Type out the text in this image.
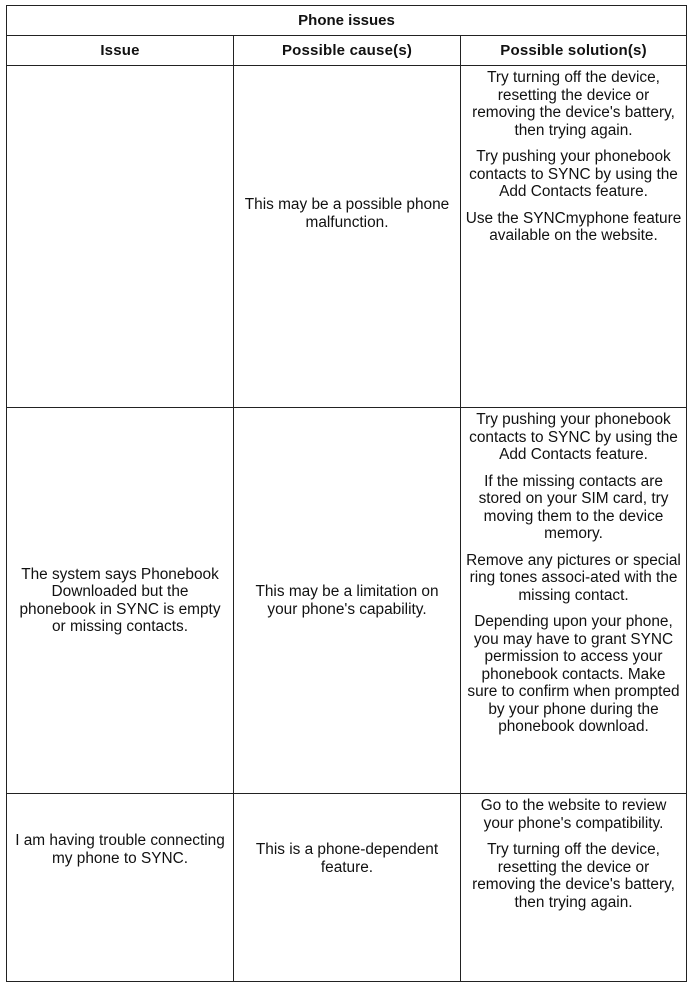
Phone issues		
Issue	Possible cause(s)	Possible solution(s)
	This may be a possible phone malfunction.	Try turning off the device, resetting the device or removing the device's battery, then trying again.
Try pushing your phonebook contacts to SYNC by using the Add Contacts feature.
Use the SYNCmyphone feature available on the website.

The system says Phonebook Downloaded but the phonebook in SYNC is empty or missing contacts.	This may be a limitation on your phone's capability.	Try pushing your phonebook contacts to SYNC by using the Add Contacts feature.
If the missing contacts are stored on your SIM card, try moving them to the device memory.
Remove any pictures or special ring tones associ-ated with the missing contact.
Depending upon your phone, you may have to grant SYNC permission to access your phonebook contacts. Make sure to confirm when prompted by your phone during the phonebook download.

I am having trouble connecting my phone to SYNC.	This is a phone-dependent feature.	Go to the website to review your phone's compatibility.
Try turning off the device, resetting the device or removing the device's battery, then trying again.
